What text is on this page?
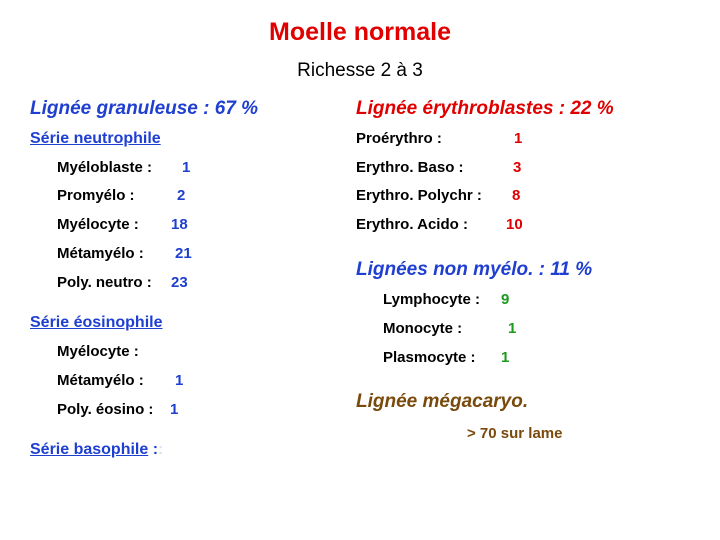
Moelle normale
Richesse 2 à 3
Lignée granuleuse : 67 %
Série neutrophile
Myéloblaste : 1
Promyélo :	2
Myélocyte : 18
Métamyélo : 21
Poly. neutro : 23
Série éosinophile
Myélocyte :
Métamyélo : 1
Poly. éosino : 1
Série basophile ::
Lignée érythroblastes : 22 %
Proérythro :	1
Erythro. Baso :	3
Erythro. Polychr : 8
Erythro. Acido :	10
Lignées non myélo. : 11 %
Lymphocyte : 9
Monocyte :	1
Plasmocyte : 1
Lignée mégacaryo.
> 70 sur lame
